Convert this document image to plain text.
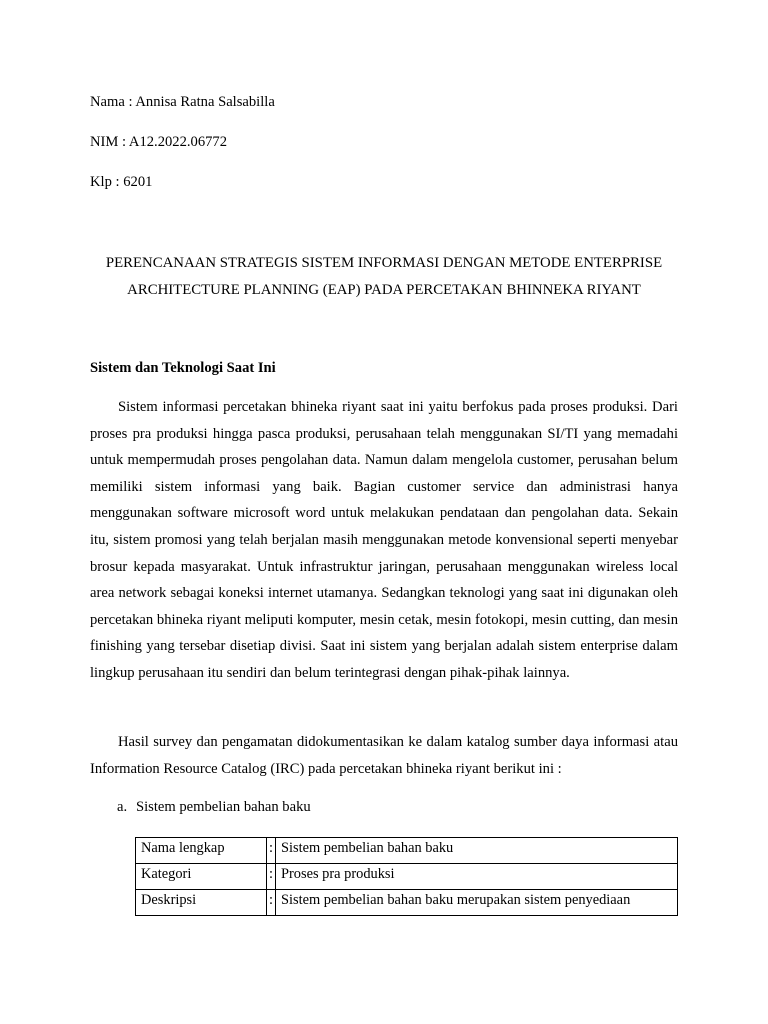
Nama : Annisa Ratna Salsabilla

NIM : A12.2022.06772

Klp : 6201

PERENCANAAN STRATEGIS SISTEM INFORMASI DENGAN METODE ENTERPRISE
ARCHITECTURE PLANNING (EAP) PADA PERCETAKAN BHINNEKA RIYANT

Sistem dan Teknologi Saat Ini

Sistem informasi percetakan bhineka riyant saat ini yaitu berfokus pada proses produksi. Dari proses pra produksi hingga pasca produksi, perusahaan telah menggunakan SI/TI yang memadahi untuk mempermudah proses pengolahan data. Namun dalam mengelola customer, perusahan belum memiliki sistem informasi yang baik. Bagian customer service dan administrasi hanya menggunakan software microsoft word untuk melakukan pendataan dan pengolahan data. Sekain itu, sistem promosi yang telah berjalan masih menggunakan metode konvensional seperti menyebar brosur kepada masyarakat. Untuk infrastruktur jaringan, perusahaan menggunakan wireless local area network sebagai koneksi internet utamanya. Sedangkan teknologi yang saat ini digunakan oleh percetakan bhineka riyant meliputi komputer, mesin cetak, mesin fotokopi, mesin cutting, dan mesin finishing yang tersebar disetiap divisi. Saat ini sistem yang berjalan adalah sistem enterprise dalam lingkup perusahaan itu sendiri dan belum terintegrasi dengan pihak-pihak lainnya.

Hasil survey dan pengamatan didokumentasikan ke dalam katalog sumber daya informasi atau Information Resource Catalog (IRC) pada percetakan bhineka riyant berikut ini :

a. Sistem pembelian bahan baku

Nama lengkap	:	Sistem pembelian bahan baku
Kategori	:	Proses pra produksi
Deskripsi	:	Sistem pembelian bahan baku merupakan sistem penyediaan
